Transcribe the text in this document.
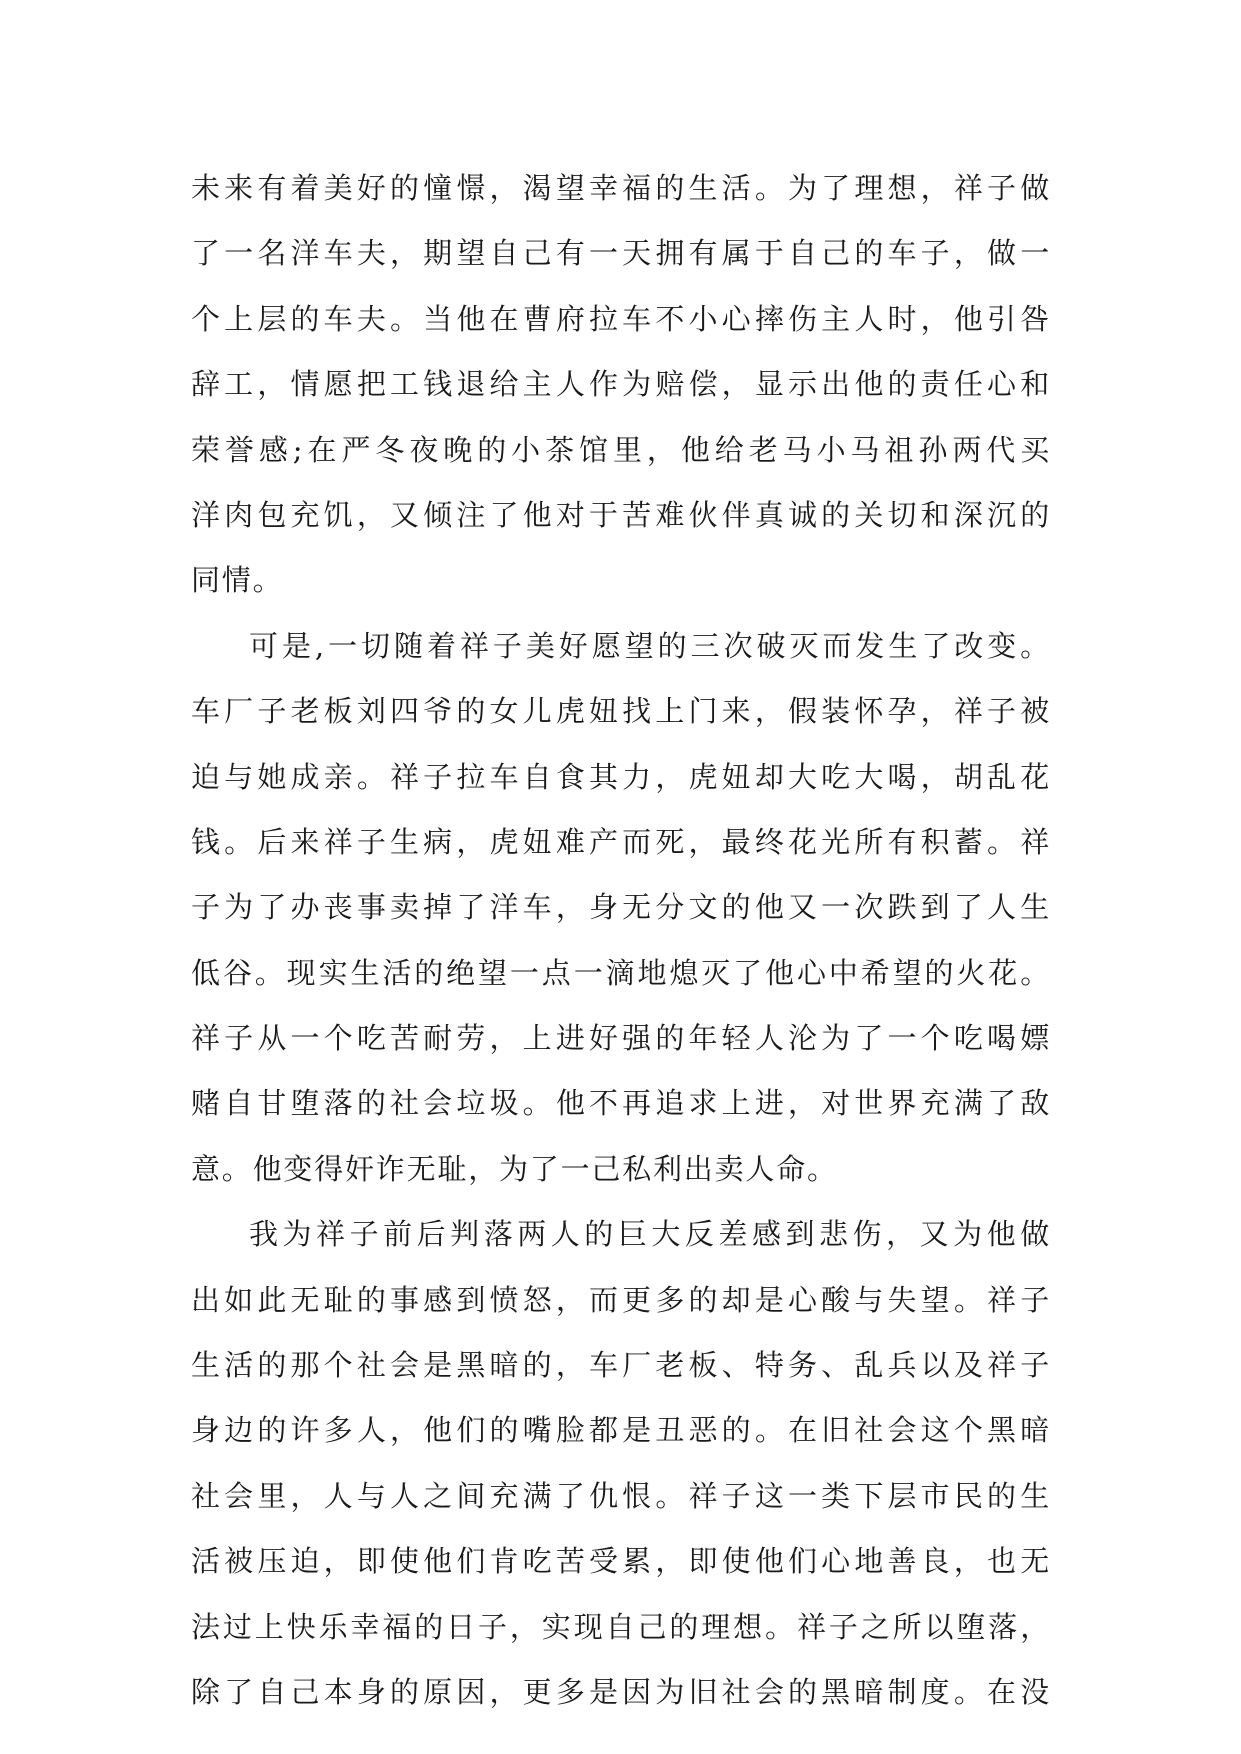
未来有着美好的憧憬，渴望幸福的生活。为了理想，祥子做
了一名洋车夫，期望自己有一天拥有属于自己的车子，做一
个上层的车夫。当他在曹府拉车不小心摔伤主人时，他引咎
辞工，情愿把工钱退给主人作为赔偿，显示出他的责任心和
荣誉感;在严冬夜晚的小茶馆里，他给老马小马祖孙两代买
洋肉包充饥，又倾注了他对于苦难伙伴真诚的关切和深沉的
同情。
可是,一切随着祥子美好愿望的三次破灭而发生了改变。
车厂子老板刘四爷的女儿虎妞找上门来，假装怀孕，祥子被
迫与她成亲。祥子拉车自食其力，虎妞却大吃大喝，胡乱花
钱。后来祥子生病，虎妞难产而死，最终花光所有积蓄。祥
子为了办丧事卖掉了洋车，身无分文的他又一次跌到了人生
低谷。现实生活的绝望一点一滴地熄灭了他心中希望的火花。
祥子从一个吃苦耐劳，上进好强的年轻人沦为了一个吃喝嫖
赌自甘堕落的社会垃圾。他不再追求上进，对世界充满了敌
意。他变得奸诈无耻，为了一己私利出卖人命。
我为祥子前后判落两人的巨大反差感到悲伤，又为他做
出如此无耻的事感到愤怒，而更多的却是心酸与失望。祥子
生活的那个社会是黑暗的，车厂老板、特务、乱兵以及祥子
身边的许多人，他们的嘴脸都是丑恶的。在旧社会这个黑暗
社会里，人与人之间充满了仇恨。祥子这一类下层市民的生
活被压迫，即使他们肯吃苦受累，即使他们心地善良，也无
法过上快乐幸福的日子，实现自己的理想。祥子之所以堕落，
除了自己本身的原因，更多是因为旧社会的黑暗制度。在没
